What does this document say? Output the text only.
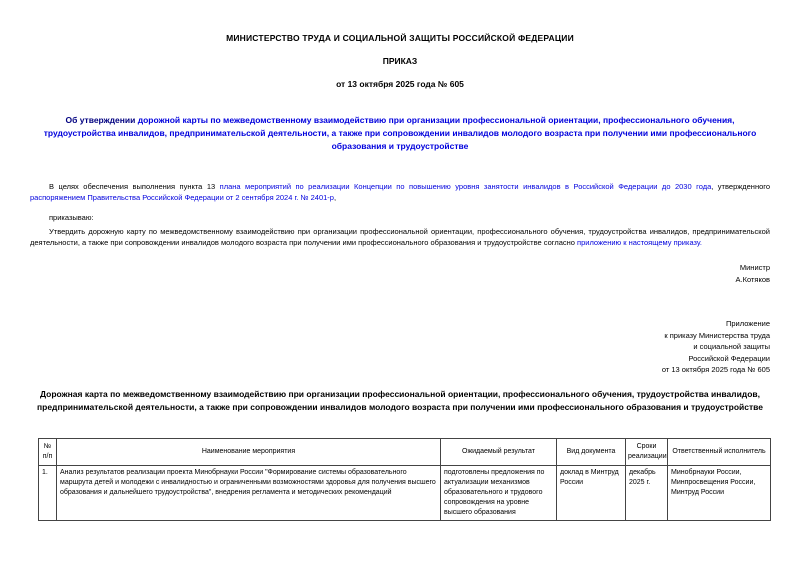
МИНИСТЕРСТВО ТРУДА И СОЦИАЛЬНОЙ ЗАЩИТЫ РОССИЙСКОЙ ФЕДЕРАЦИИ
ПРИКАЗ
от 13 октября 2025 года № 605
Об утверждении дорожной карты по межведомственному взаимодействию при организации профессиональной ориентации, профессионального обучения, трудоустройства инвалидов, предпринимательской деятельности, а также при сопровождении инвалидов молодого возраста при получении ими профессионального образования и трудоустройстве
В целях обеспечения выполнения пункта 13 плана мероприятий по реализации Концепции по повышению уровня занятости инвалидов в Российской Федерации до 2030 года, утвержденного распоряжением Правительства Российской Федерации от 2 сентября 2024 г. № 2401-р,
приказываю:
Утвердить дорожную карту по межведомственному взаимодействию при организации профессиональной ориентации, профессионального обучения, трудоустройства инвалидов, предпринимательской деятельности, а также при сопровождении инвалидов молодого возраста при получении ими профессионального образования и трудоустройстве согласно приложению к настоящему приказу.
Министр
А.Котяков
Приложение
к приказу Министерства труда
и социальной защиты
Российской Федерации
от 13 октября 2025 года № 605
Дорожная карта по межведомственному взаимодействию при организации профессиональной ориентации, профессионального обучения, трудоустройства инвалидов, предпринимательской деятельности, а также при сопровождении инвалидов молодого возраста при получении ими профессионального образования и трудоустройстве
№ п/п	Наименование мероприятия	Ожидаемый результат	Вид документа	Сроки реализации	Ответственный исполнитель
1.	Анализ результатов реализации проекта Минобрнауки России "Формирование системы образовательного маршрута детей и молодежи с инвалидностью и ограниченными возможностями здоровья для получения высшего образования и дальнейшего трудоустройства", внедрения регламента и методических рекомендаций	подготовлены предложения по актуализации механизмов образовательного и трудового сопровождения на уровне высшего образования	доклад в Минтруд России	декабрь 2025 г.	Минобрнауки России, Минпросвещения России, Минтруд России
